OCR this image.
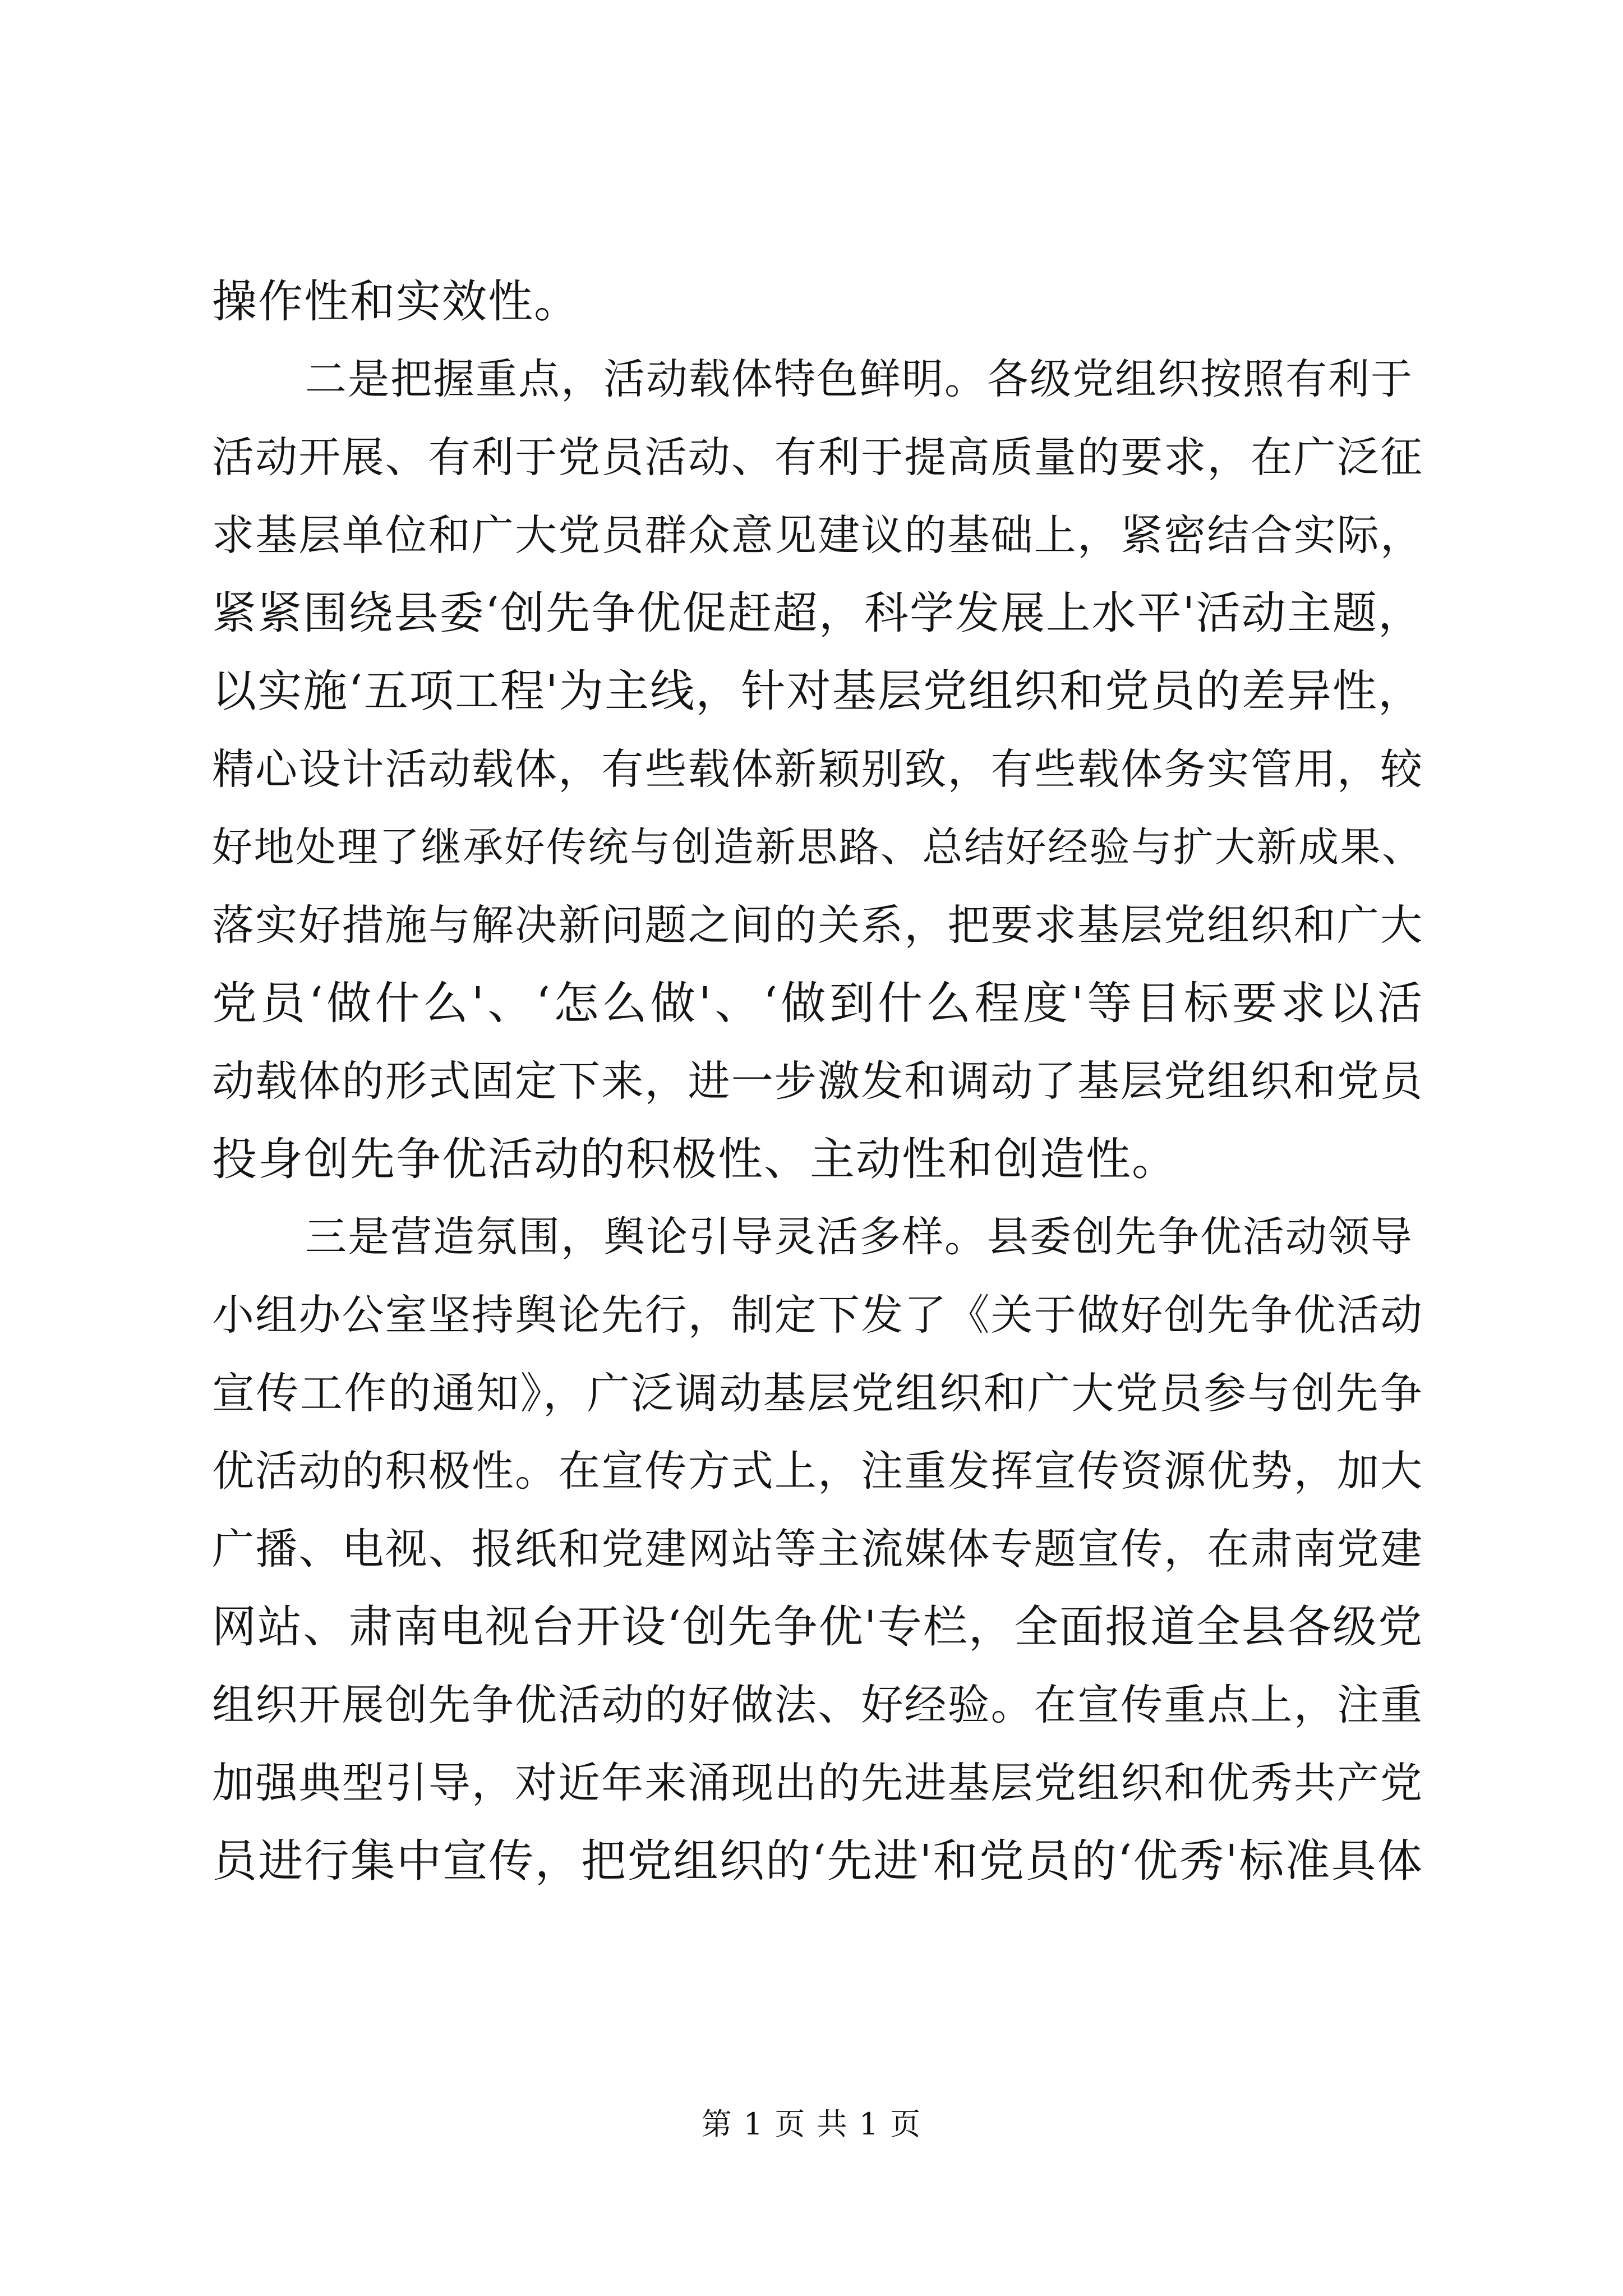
操作性和实效性。
二是把握重点，活动载体特色鲜明。各级党组织按照有利于
活动开展、有利于党员活动、有利于提高质量的要求，在广泛征
求基层单位和广大党员群众意见建议的基础上，紧密结合实际，
紧紧围绕县委‘创先争优促赶超，科学发展上水平'活动主题，
以实施‘五项工程'为主线，针对基层党组织和党员的差异性，
精心设计活动载体，有些载体新颖别致，有些载体务实管用，较
好地处理了继承好传统与创造新思路、总结好经验与扩大新成果、
落实好措施与解决新问题之间的关系，把要求基层党组织和广大
党员‘做什么'、‘怎么做'、‘做到什么程度'等目标要求以活
动载体的形式固定下来，进一步激发和调动了基层党组织和党员
投身创先争优活动的积极性、主动性和创造性。
三是营造氛围，舆论引导灵活多样。县委创先争优活动领导
小组办公室坚持舆论先行，制定下发了《关于做好创先争优活动
宣传工作的通知》，广泛调动基层党组织和广大党员参与创先争
优活动的积极性。在宣传方式上，注重发挥宣传资源优势，加大
广播、电视、报纸和党建网站等主流媒体专题宣传，在肃南党建
网站、肃南电视台开设‘创先争优'专栏，全面报道全县各级党
组织开展创先争优活动的好做法、好经验。在宣传重点上，注重
加强典型引导，对近年来涌现出的先进基层党组织和优秀共产党
员进行集中宣传，把党组织的‘先进'和党员的‘优秀'标准具体
第 1 页 共 1 页
